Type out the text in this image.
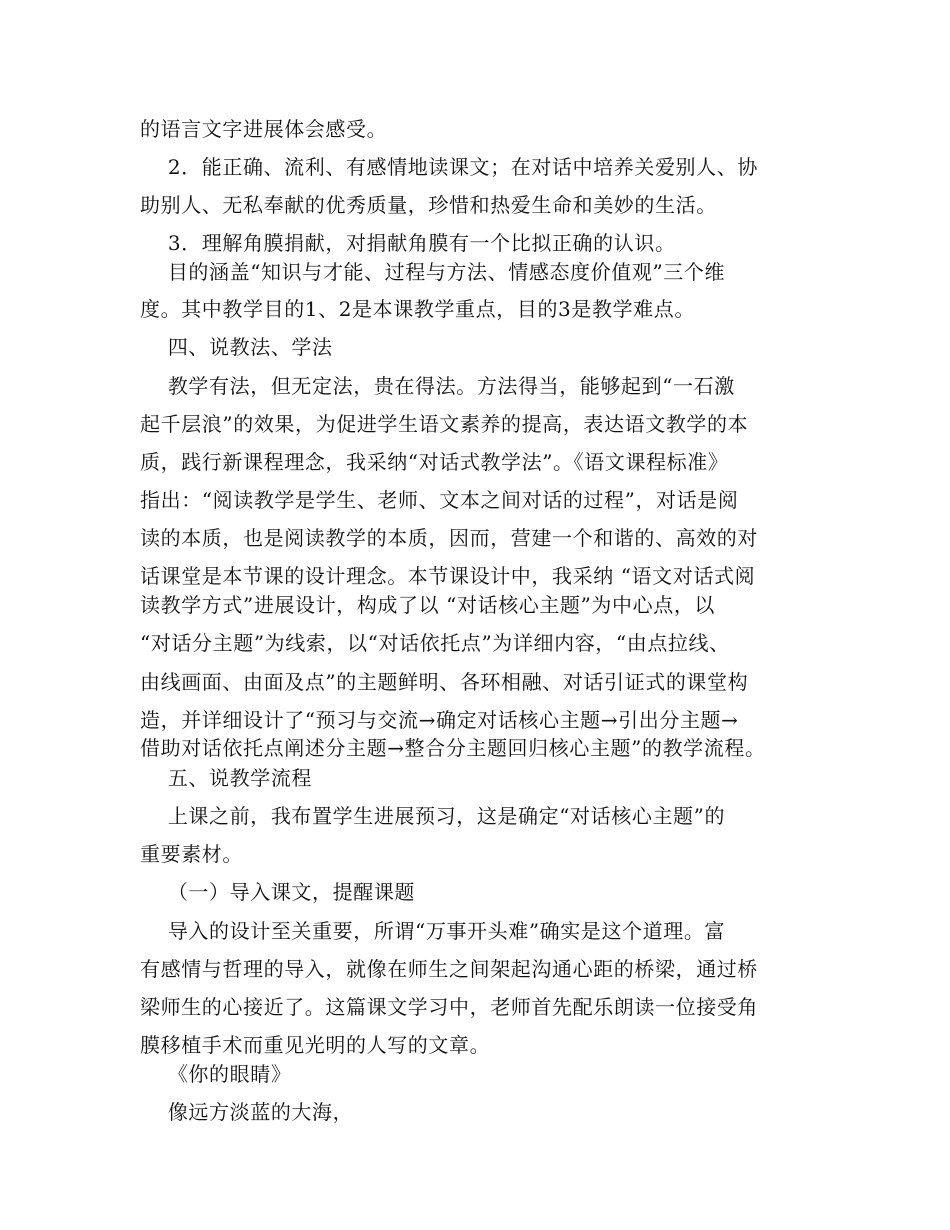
的语言文字进展体会感受。
2．能正确、流利、有感情地读课文；在对话中培养关爱别人、协
助别人、无私奉献的优秀质量，珍惜和热爱生命和美妙的生活。
3．理解角膜捐献，对捐献角膜有一个比拟正确的认识。
目的涵盖“知识与才能、过程与方法、情感态度价值观”三个维
度。其中教学目的1、2是本课教学重点，目的3是教学难点。
四、说教法、学法
教学有法，但无定法，贵在得法。方法得当，能够起到“一石激
起千层浪”的效果，为促进学生语文素养的提高，表达语文教学的本
质，践行新课程理念，我采纳“对话式教学法”。《语文课程标准》
指出：“阅读教学是学生、老师、文本之间对话的过程”，对话是阅
读的本质，也是阅读教学的本质，因而，营建一个和谐的、高效的对
话课堂是本节课的设计理念。本节课设计中，我采纳 “语文对话式阅
读教学方式”进展设计，构成了以 “对话核心主题”为中心点，以
“对话分主题”为线索，以“对话依托点”为详细内容，“由点拉线、
由线画面、由面及点”的主题鲜明、各环相融、对话引证式的课堂构
造，并详细设计了“预习与交流→确定对话核心主题→引出分主题→
借助对话依托点阐述分主题→整合分主题回归核心主题”的教学流程。
五、说教学流程
上课之前，我布置学生进展预习，这是确定“对话核心主题”的
重要素材。
（一）导入课文，提醒课题
导入的设计至关重要，所谓“万事开头难”确实是这个道理。富
有感情与哲理的导入，就像在师生之间架起沟通心距的桥梁，通过桥
梁师生的心接近了。这篇课文学习中，老师首先配乐朗读一位接受角
膜移植手术而重见光明的人写的文章。
《你的眼睛》
像远方淡蓝的大海，
